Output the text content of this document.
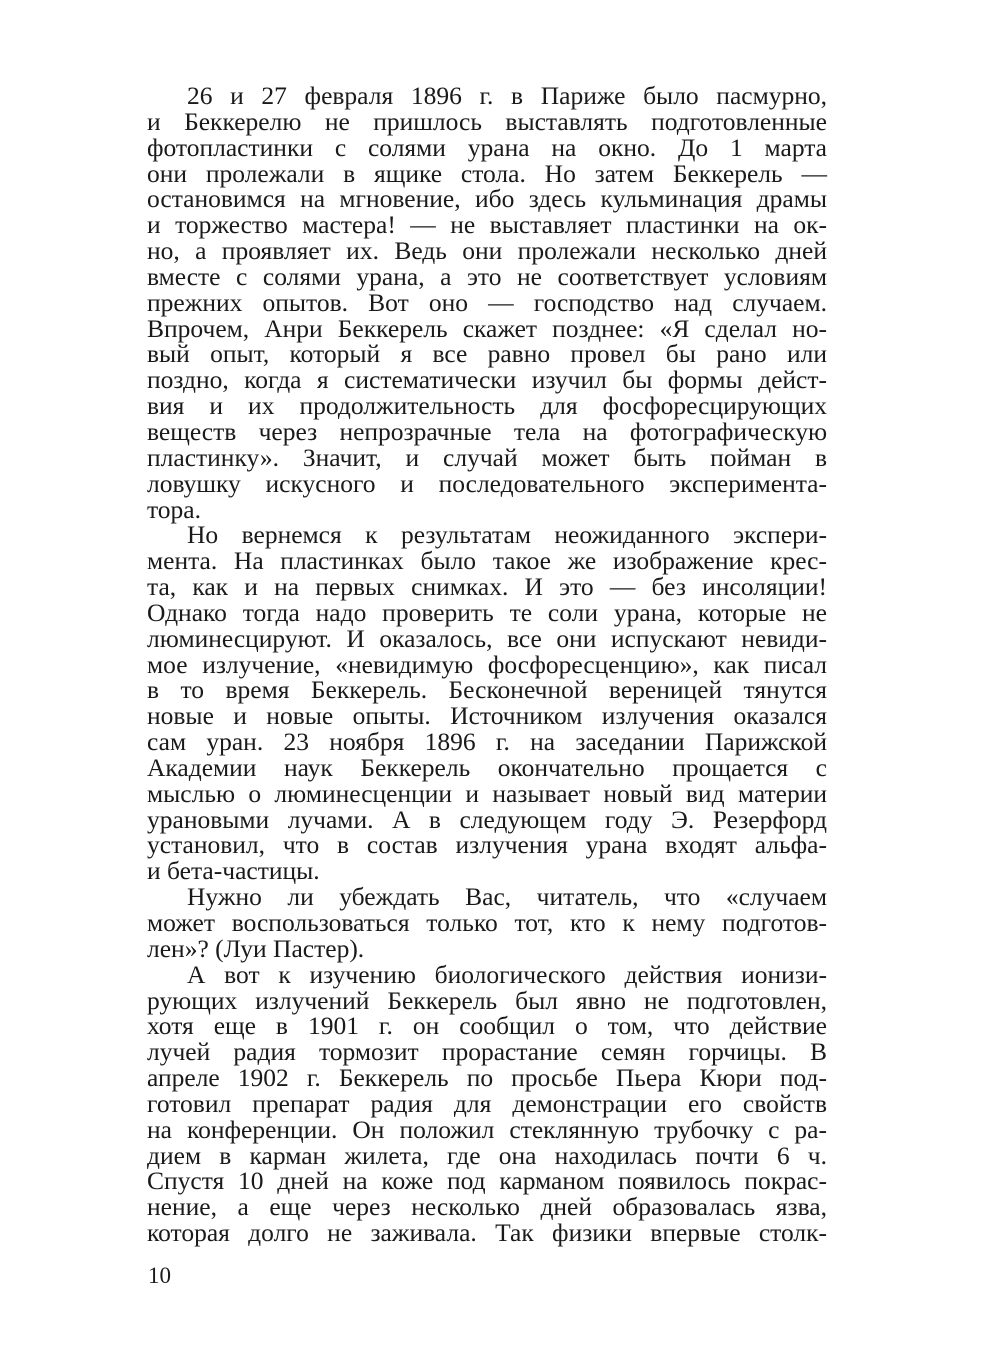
26 и 27 февраля 1896 г. в Париже было пасмурно,
и Беккерелю не пришлось выставлять подготовленные
фотопластинки с солями урана на окно. До 1 марта
они пролежали в ящике стола. Но затем Беккерель —
остановимся на мгновение, ибо здесь кульминация драмы
и торжество мастера! — не выставляет пластинки на ок-
но, а проявляет их. Ведь они пролежали несколько дней
вместе с солями урана, а это не соответствует условиям
прежних опытов. Вот оно — господство над случаем.
Впрочем, Анри Беккерель скажет позднее: «Я сделал но-
вый опыт, который я все равно провел бы рано или
поздно, когда я систематически изучил бы формы дейст-
вия и их продолжительность для фосфоресцирующих
веществ через непрозрачные тела на фотографическую
пластинку». Значит, и случай может быть пойман в
ловушку искусного и последовательного эксперимента-
тора.
Но вернемся к результатам неожиданного экспери-
мента. На пластинках было такое же изображение крес-
та, как и на первых снимках. И это — без инсоляции!
Однако тогда надо проверить те соли урана, которые не
люминесцируют. И оказалось, все они испускают невиди-
мое излучение, «невидимую фосфоресценцию», как писал
в то время Беккерель. Бесконечной вереницей тянутся
новые и новые опыты. Источником излучения оказался
сам уран. 23 ноября 1896 г. на заседании Парижской
Академии наук Беккерель окончательно прощается с
мыслью о люминесценции и называет новый вид материи
урановыми лучами. А в следующем году Э. Резерфорд
установил, что в состав излучения урана входят альфа-
и бета-частицы.
Нужно ли убеждать Вас, читатель, что «случаем
может воспользоваться только тот, кто к нему подготов-
лен»? (Луи Пастер).
А вот к изучению биологического действия ионизи-
рующих излучений Беккерель был явно не подготовлен,
хотя еще в 1901 г. он сообщил о том, что действие
лучей радия тормозит прорастание семян горчицы. В
апреле 1902 г. Беккерель по просьбе Пьера Кюри под-
готовил препарат радия для демонстрации его свойств
на конференции. Он положил стеклянную трубочку с ра-
дием в карман жилета, где она находилась почти 6 ч.
Спустя 10 дней на коже под карманом появилось покрас-
нение, а еще через несколько дней образовалась язва,
которая долго не заживала. Так физики впервые столк-
10
